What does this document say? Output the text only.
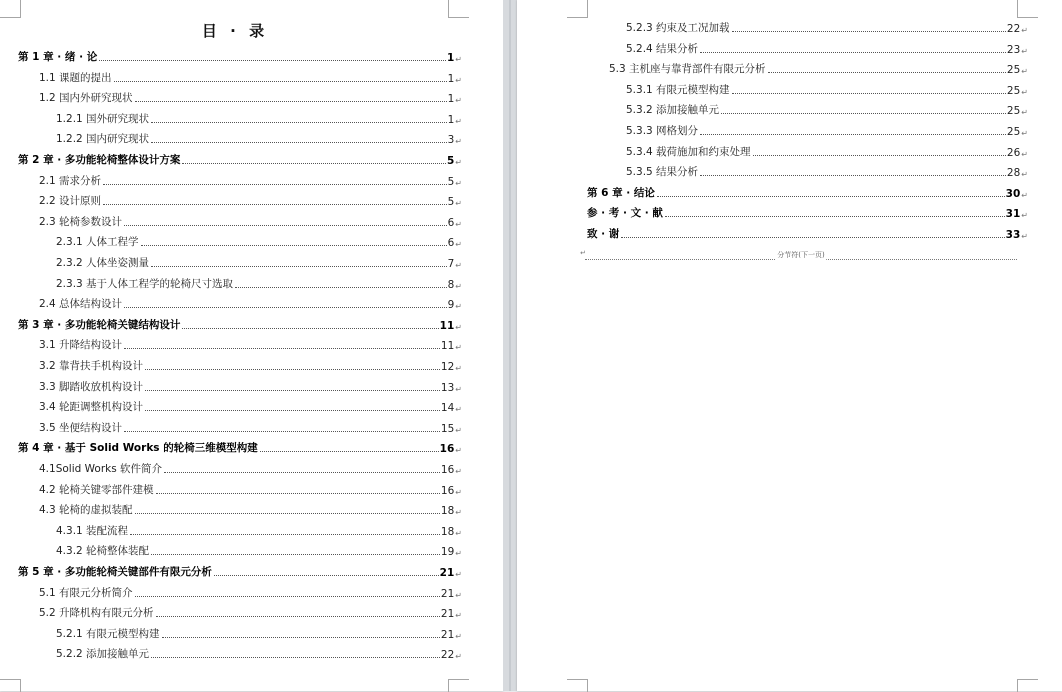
目 · 录
第 1 章 · 绪 · 论	1 ↵
1.1 课题的提出	1 ↵
1.2 国内外研究现状	1 ↵
1.2.1 国外研究现状	1 ↵
1.2.2 国内研究现状	3 ↵
第 2 章 · 多功能轮椅整体设计方案	5 ↵
2.1 需求分析	5 ↵
2.2 设计原则	5 ↵
2.3 轮椅参数设计	6 ↵
2.3.1 人体工程学	6 ↵
2.3.2 人体坐姿测量	7 ↵
2.3.3 基于人体工程学的轮椅尺寸选取	8 ↵
2.4 总体结构设计	9 ↵
第 3 章 · 多功能轮椅关键结构设计	11 ↵
3.1 升降结构设计	11 ↵
3.2 靠背扶手机构设计	12 ↵
3.3 脚踏收放机构设计	13 ↵
3.4 轮距调整机构设计	14 ↵
3.5 坐便结构设计	15 ↵
第 4 章 · 基于 Solid Works 的轮椅三维模型构建	16 ↵
4.1Solid Works 软件简介	16 ↵
4.2 轮椅关键零部件建模	16 ↵
4.3 轮椅的虚拟装配	18 ↵
4.3.1 装配流程	18 ↵
4.3.2 轮椅整体装配	19 ↵
第 5 章 · 多功能轮椅关键部件有限元分析	21 ↵
5.1 有限元分析简介	21 ↵
5.2 升降机构有限元分析	21 ↵
5.2.1 有限元模型构建	21 ↵
5.2.2 添加接触单元	22 ↵
5.2.3 约束及工况加载	22 ↵
5.2.4 结果分析	23 ↵
5.3 主机座与靠背部件有限元分析	25 ↵
5.3.1 有限元模型构建	25 ↵
5.3.2 添加接触单元	25 ↵
5.3.3 网格划分	25 ↵
5.3.4 载荷施加和约束处理	26 ↵
5.3.5 结果分析	28 ↵
第 6 章 · 结论	30 ↵
参 · 考 · 文 · 献	31 ↵
致 · 谢	33 ↵
↵	分节符(下一页)
